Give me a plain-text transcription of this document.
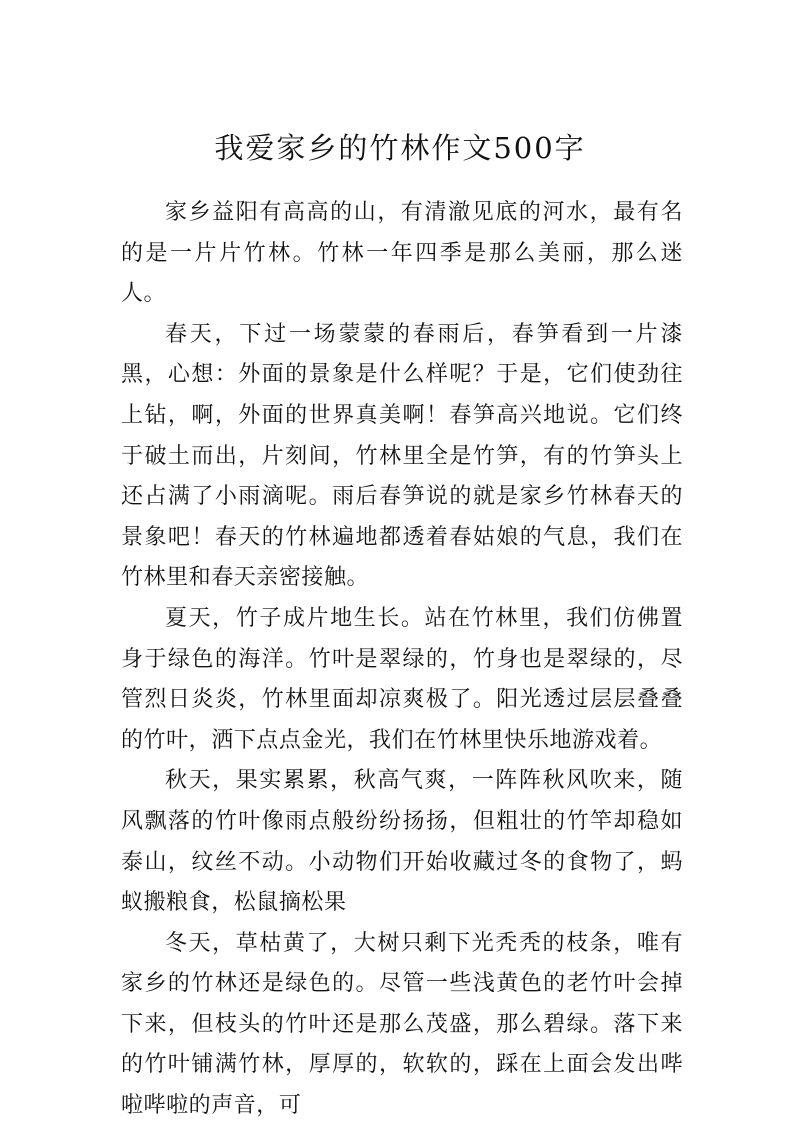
我爱家乡的竹林作文500字

家乡益阳有高高的山，有清澈见底的河水，最有名的是一片片竹林。竹林一年四季是那么美丽，那么迷人。

春天，下过一场蒙蒙的春雨后，春笋看到一片漆黑，心想：外面的景象是什么样呢？于是，它们使劲往上钻，啊，外面的世界真美啊！春笋高兴地说。它们终于破土而出，片刻间，竹林里全是竹笋，有的竹笋头上还占满了小雨滴呢。雨后春笋说的就是家乡竹林春天的景象吧！春天的竹林遍地都透着春姑娘的气息，我们在竹林里和春天亲密接触。

夏天，竹子成片地生长。站在竹林里，我们仿佛置身于绿色的海洋。竹叶是翠绿的，竹身也是翠绿的，尽管烈日炎炎，竹林里面却凉爽极了。阳光透过层层叠叠的竹叶，洒下点点金光，我们在竹林里快乐地游戏着。

秋天，果实累累，秋高气爽，一阵阵秋风吹来，随风飘落的竹叶像雨点般纷纷扬扬，但粗壮的竹竿却稳如泰山，纹丝不动。小动物们开始收藏过冬的食物了，蚂蚁搬粮食，松鼠摘松果

冬天，草枯黄了，大树只剩下光秃秃的枝条，唯有家乡的竹林还是绿色的。尽管一些浅黄色的老竹叶会掉下来，但枝头的竹叶还是那么茂盛，那么碧绿。落下来的竹叶铺满竹林，厚厚的，软软的，踩在上面会发出哔啦哔啦的声音，可
